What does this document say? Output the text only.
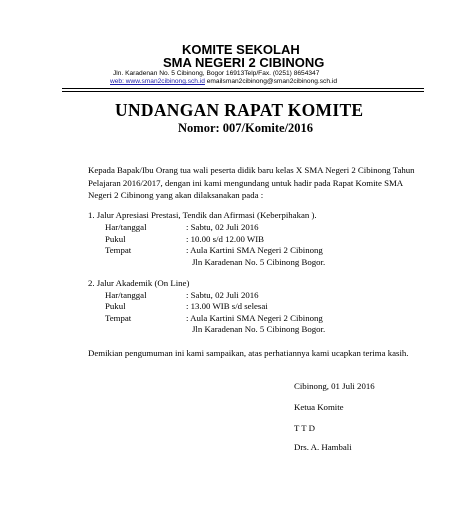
KOMITE SEKOLAH
SMA NEGERI 2 CIBINONG
Jln. Karadenan No. 5 Cibinong, Bogor 16913Telp/Fax. (0251) 8654347
web: www.sman2cibinong.sch.id emailsman2cibinong@sman2cibinong.sch.id
UNDANGAN RAPAT KOMITE
Nomor: 007/Komite/2016
Kepada Bapak/Ibu Orang tua wali peserta didik baru kelas X SMA Negeri 2 Cibinong Tahun
Pelajaran 2016/2017, dengan ini kami mengundang untuk hadir pada Rapat Komite SMA
Negeri 2 Cibinong yang akan dilaksanakan pada :
1. Jalur Apresiasi Prestasi, Tendik dan Afirmasi (Keberpihakan ).
Har/tanggal	: Sabtu, 02 Juli 2016
Pukul	: 10.00 s/d 12.00 WIB
Tempat	: Aula Kartini SMA Negeri 2 Cibinong
Jln Karadenan No. 5 Cibinong Bogor.
2. Jalur Akademik (On Line)
Har/tanggal	: Sabtu, 02 Juli 2016
Pukul	: 13.00 WIB s/d selesai
Tempat	: Aula Kartini SMA Negeri 2 Cibinong
Jln Karadenan No. 5 Cibinong Bogor.
Demikian pengumuman ini kami sampaikan, atas perhatiannya kami ucapkan terima kasih.
Cibinong, 01 Juli 2016
Ketua Komite
T T D
Drs. A. Hambali
